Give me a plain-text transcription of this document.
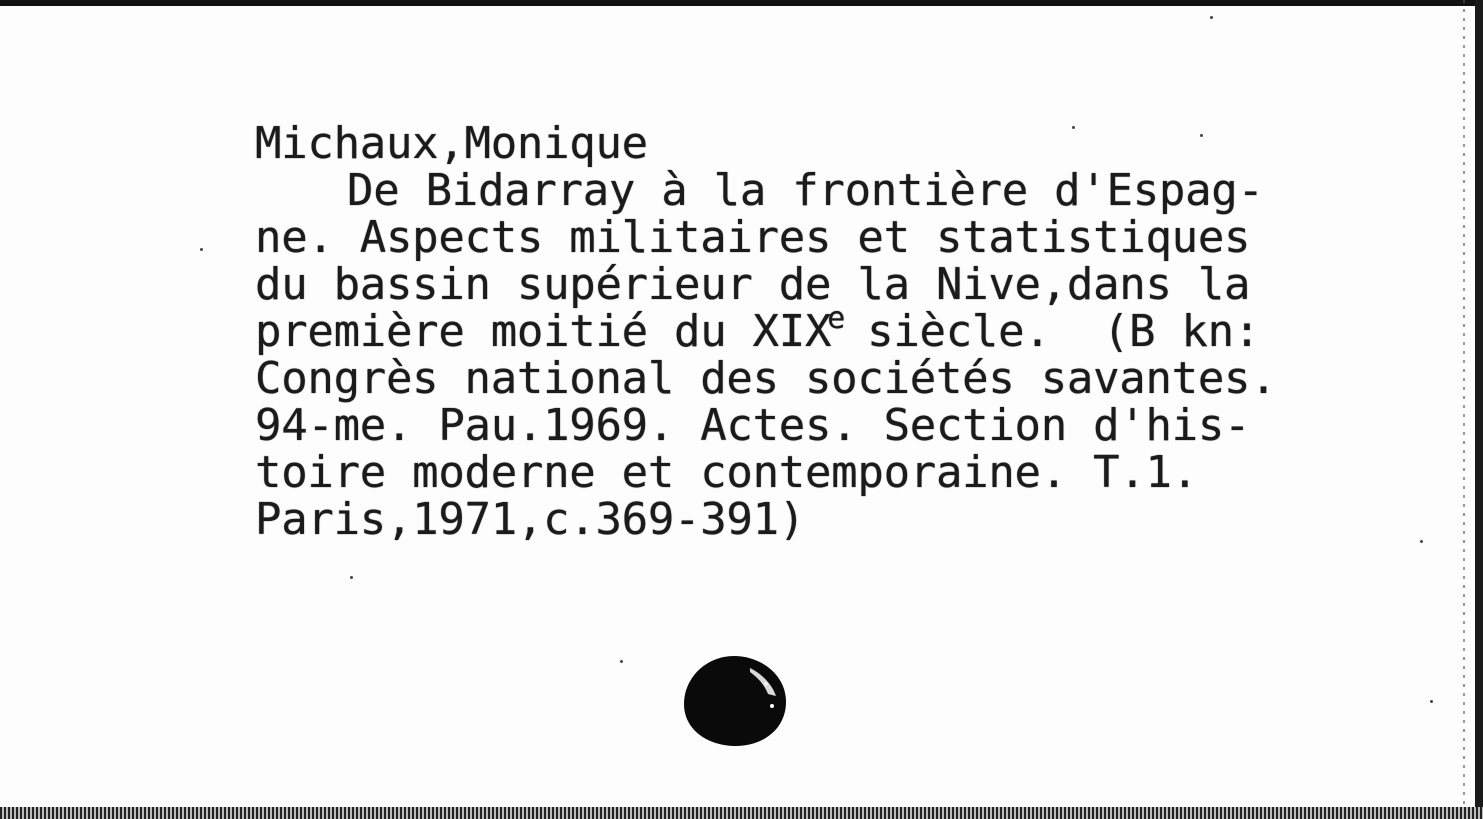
Michaux,Monique
De Bidarray à la frontière d'Espag-
ne. Aspects militaires et statistiques
du bassin supérieur de la Nive,dans la
première moitié du XIXe siècle.  (B kn:
Congrès national des sociétés savantes.
94-me. Pau.1969. Actes. Section d'his-
toire moderne et contemporaine. T.1.
Paris,1971,c.369-391)
